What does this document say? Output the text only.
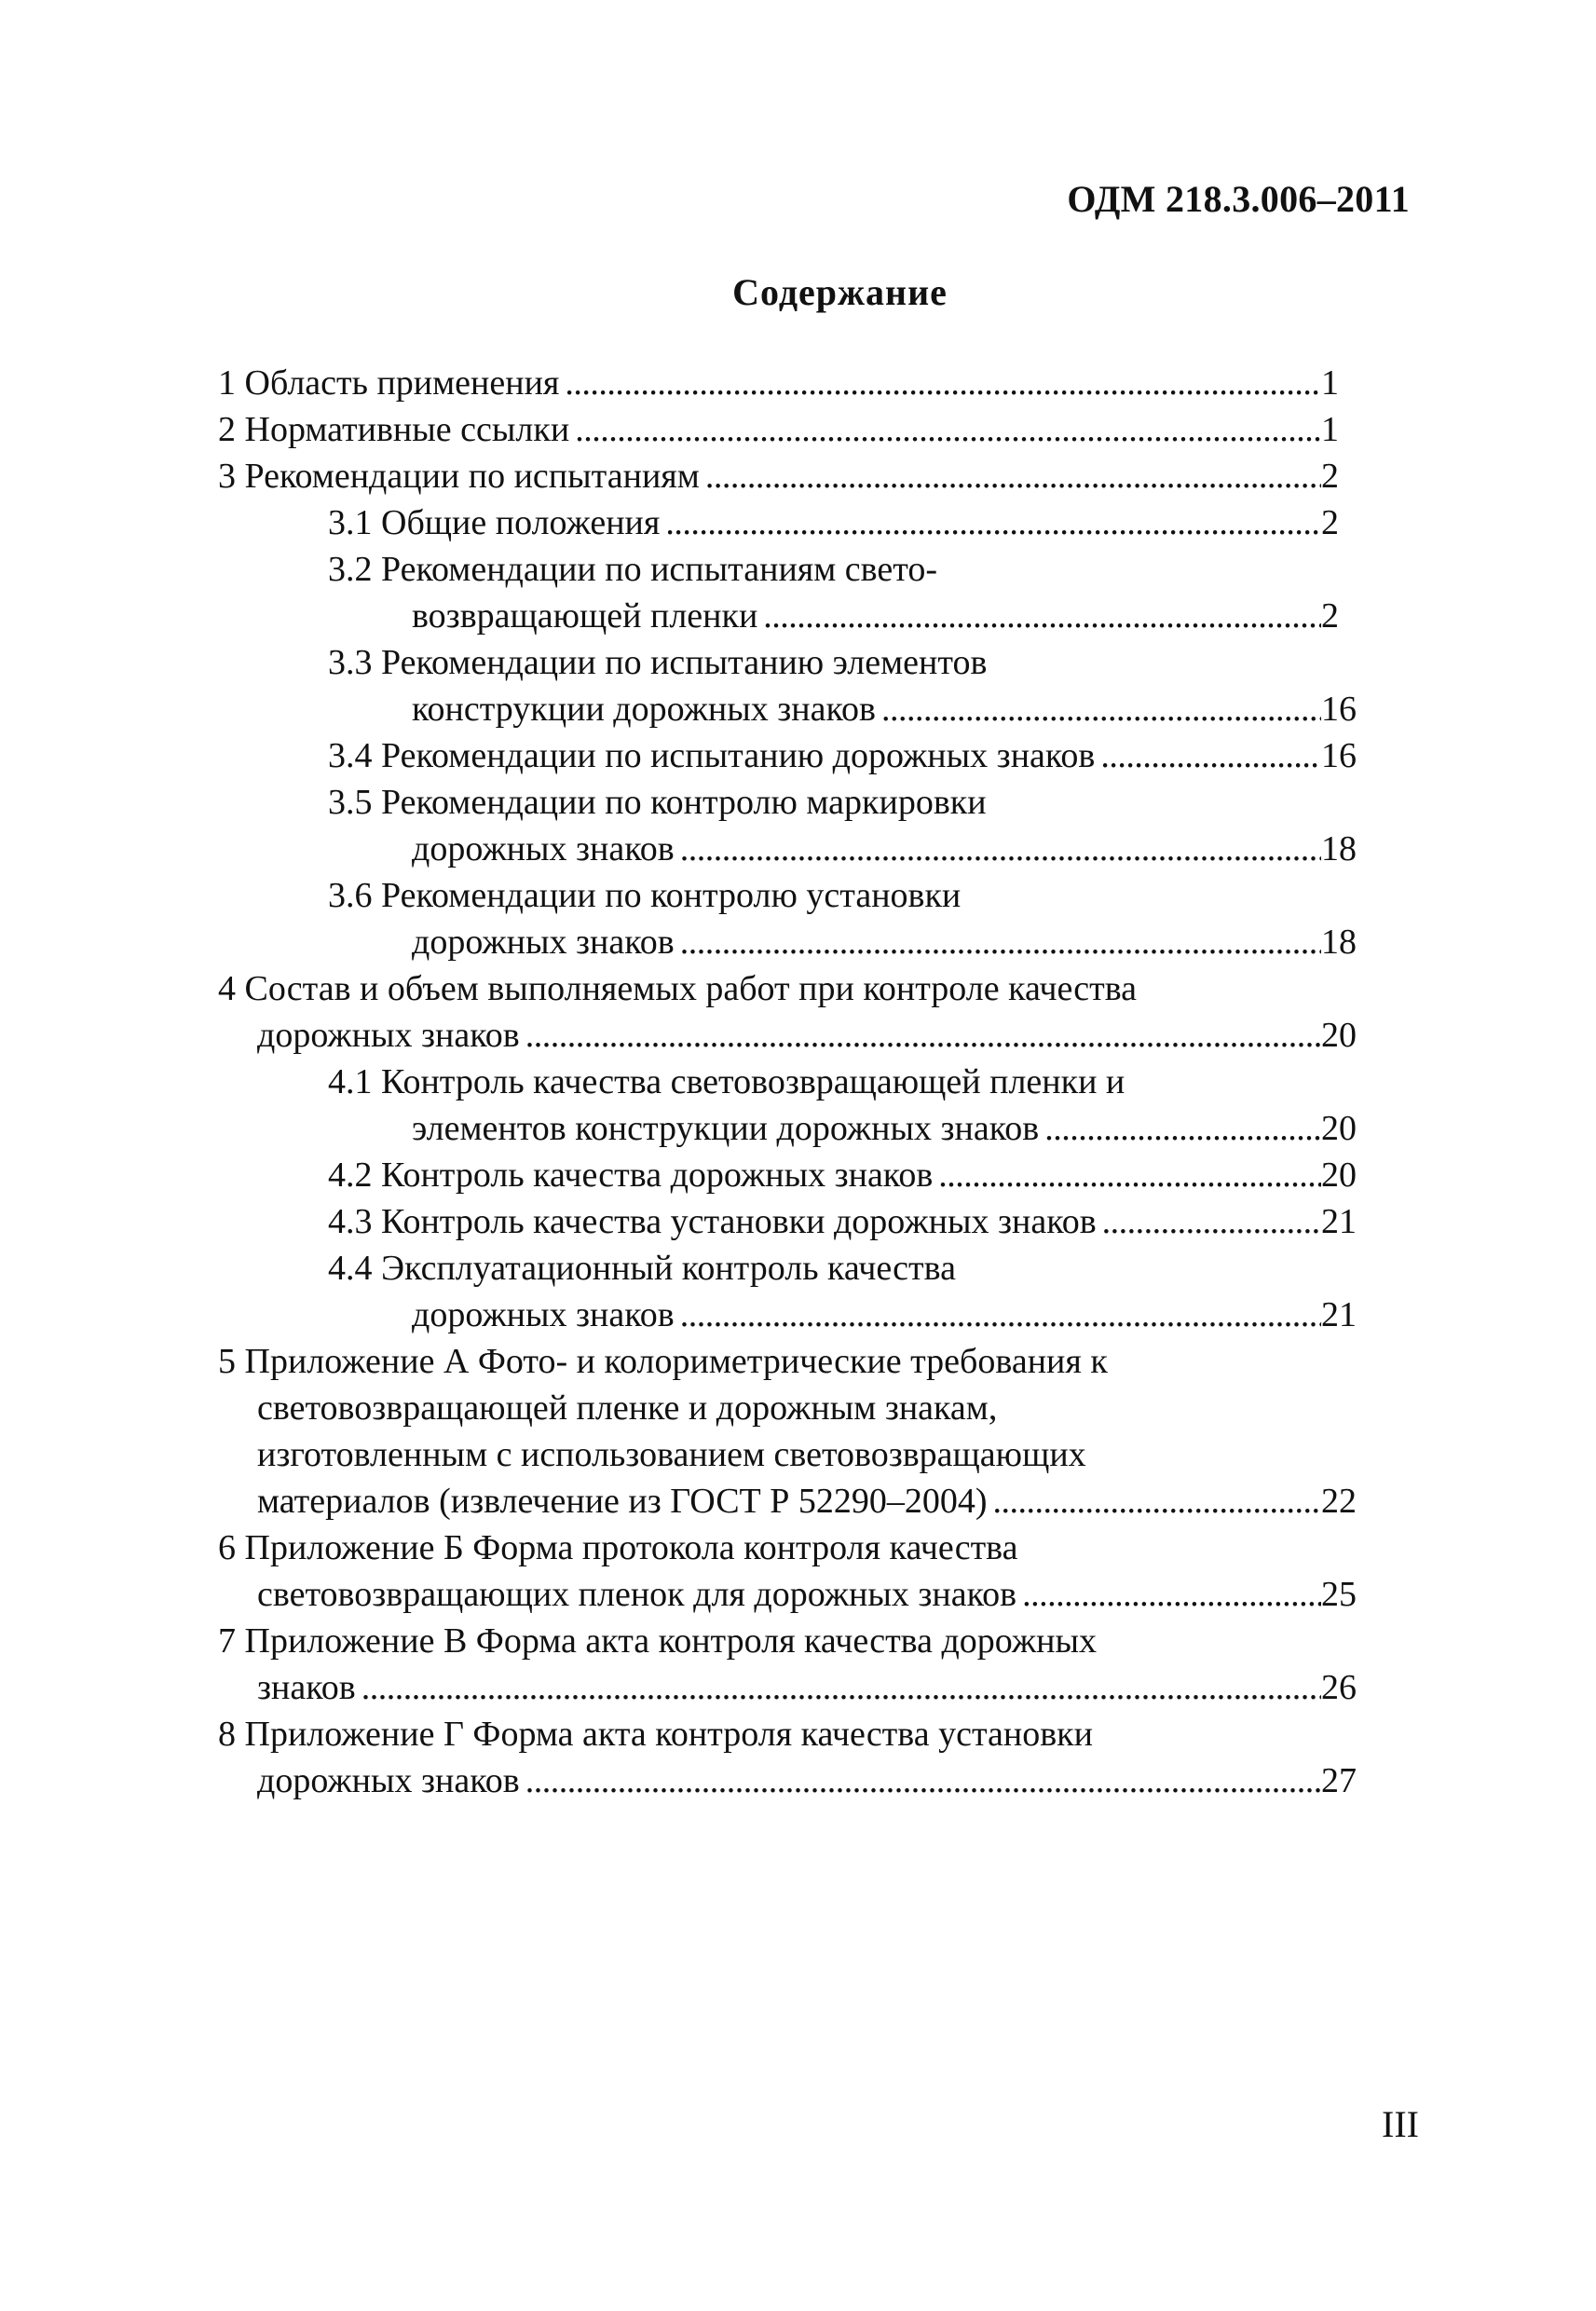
ОДМ 218.3.006–2011
Содержание
1 Область применения . . .	1
2 Нормативные ссылки . . .	1
3 Рекомендации по испытаниям . . .	2
3.1 Общие положения . . .	2
3.2 Рекомендации по испытаниям свето-
возвращающей пленки . . .	2
3.3 Рекомендации по испытанию элементов
конструкции дорожных знаков . . .	16
3.4 Рекомендации по испытанию дорожных знаков . . .	16
3.5 Рекомендации по контролю маркировки
дорожных знаков . . .	18
3.6 Рекомендации по контролю установки
дорожных знаков . . .	18
4 Состав и объем выполняемых работ при контроле качества
дорожных знаков . . .	20
4.1 Контроль качества световозвращающей пленки и
элементов конструкции дорожных знаков . . .	20
4.2 Контроль качества дорожных знаков . . .	20
4.3 Контроль качества установки дорожных знаков . . .	21
4.4 Эксплуатационный контроль качества
дорожных знаков . . .	21
5 Приложение А Фото- и колориметрические требования к
световозвращающей пленке и дорожным знакам,
изготовленным с использованием световозвращающих
материалов (извлечение из ГОСТ Р 52290–2004) . . .	22
6 Приложение Б Форма протокола контроля качества
световозвращающих пленок для дорожных знаков . . .	25
7 Приложение В Форма акта контроля качества дорожных
знаков . . .	26
8 Приложение Г Форма акта контроля качества установки
дорожных знаков . . .	27
III
